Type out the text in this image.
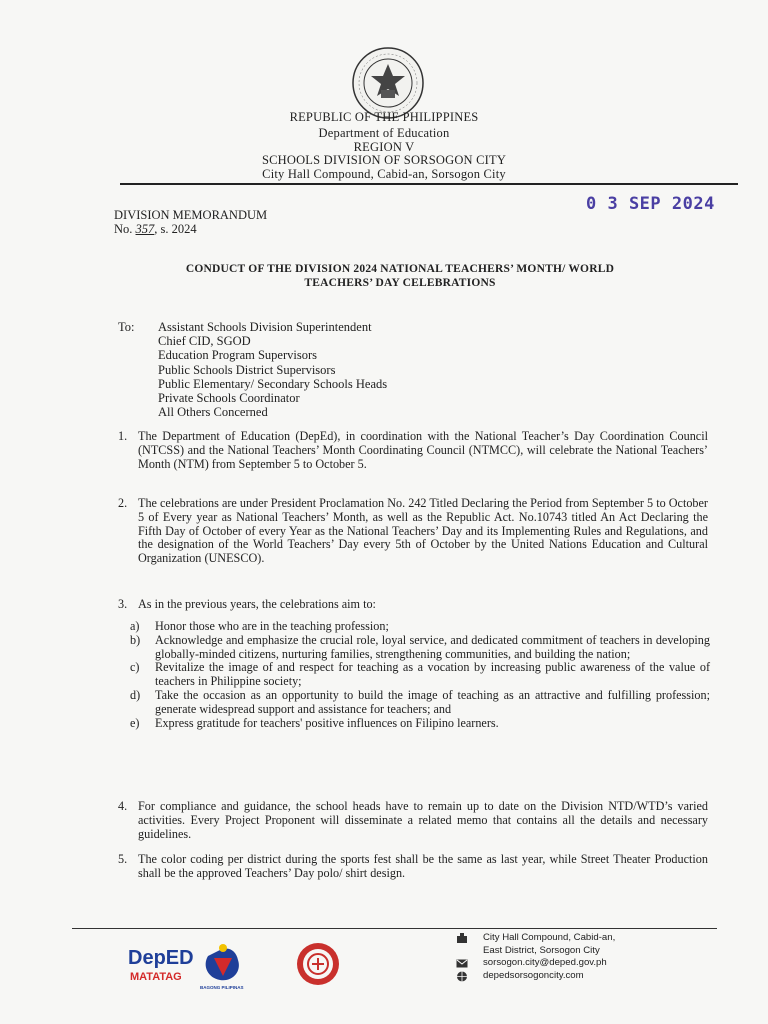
REPUBLIC OF THE PHILIPPINES
Department of Education
REGION V
SCHOOLS DIVISION OF SORSOGON CITY
City Hall Compound, Cabid-an, Sorsogon City
DIVISION MEMORANDUM
No. 357, s. 2024
0 3 SEP 2024
CONDUCT OF THE DIVISION 2024 NATIONAL TEACHERS’ MONTH/ WORLD
TEACHERS’ DAY CELEBRATIONS
To: Assistant Schools Division Superintendent
Chief CID, SGOD
Education Program Supervisors
Public Schools District Supervisors
Public Elementary/ Secondary Schools Heads
Private Schools Coordinator
All Others Concerned
1. The Department of Education (DepEd), in coordination with the National Teacher’s Day Coordination Council (NTCSS) and the National Teachers’ Month Coordinating Council (NTMCC), will celebrate the National Teachers’ Month (NTM) from September 5 to October 5.
2. The celebrations are under President Proclamation No. 242 Titled Declaring the Period from September 5 to October 5 of Every year as National Teachers’ Month, as well as the Republic Act. No.10743 titled An Act Declaring the Fifth Day of October of every Year as the National Teachers’ Day and its Implementing Rules and Regulations, and the designation of the World Teachers’ Day every 5th of October by the United Nations Education and Cultural Organization (UNESCO).
3. As in the previous years, the celebrations aim to:
a) Honor those who are in the teaching profession;
b) Acknowledge and emphasize the crucial role, loyal service, and dedicated commitment of teachers in developing globally-minded citizens, nurturing families, strengthening communities, and building the nation;
c) Revitalize the image of and respect for teaching as a vocation by increasing public awareness of the value of teachers in Philippine society;
d) Take the occasion as an opportunity to build the image of teaching as an attractive and fulfilling profession; generate widespread support and assistance for teachers; and
e) Express gratitude for teachers' positive influences on Filipino learners.
4. For compliance and guidance, the school heads have to remain up to date on the Division NTD/WTD’s varied activities. Every Project Proponent will disseminate a related memo that contains all the details and necessary guidelines.
5. The color coding per district during the sports fest shall be the same as last year, while Street Theater Production shall be the approved Teachers’ Day polo/ shirt design.
DepED
MATATAG
BAGONG PILIPINAS
City Hall Compound, Cabid-an,
East District, Sorsogon City
sorsogon.city@deped.gov.ph
depedsorsogoncity.com
